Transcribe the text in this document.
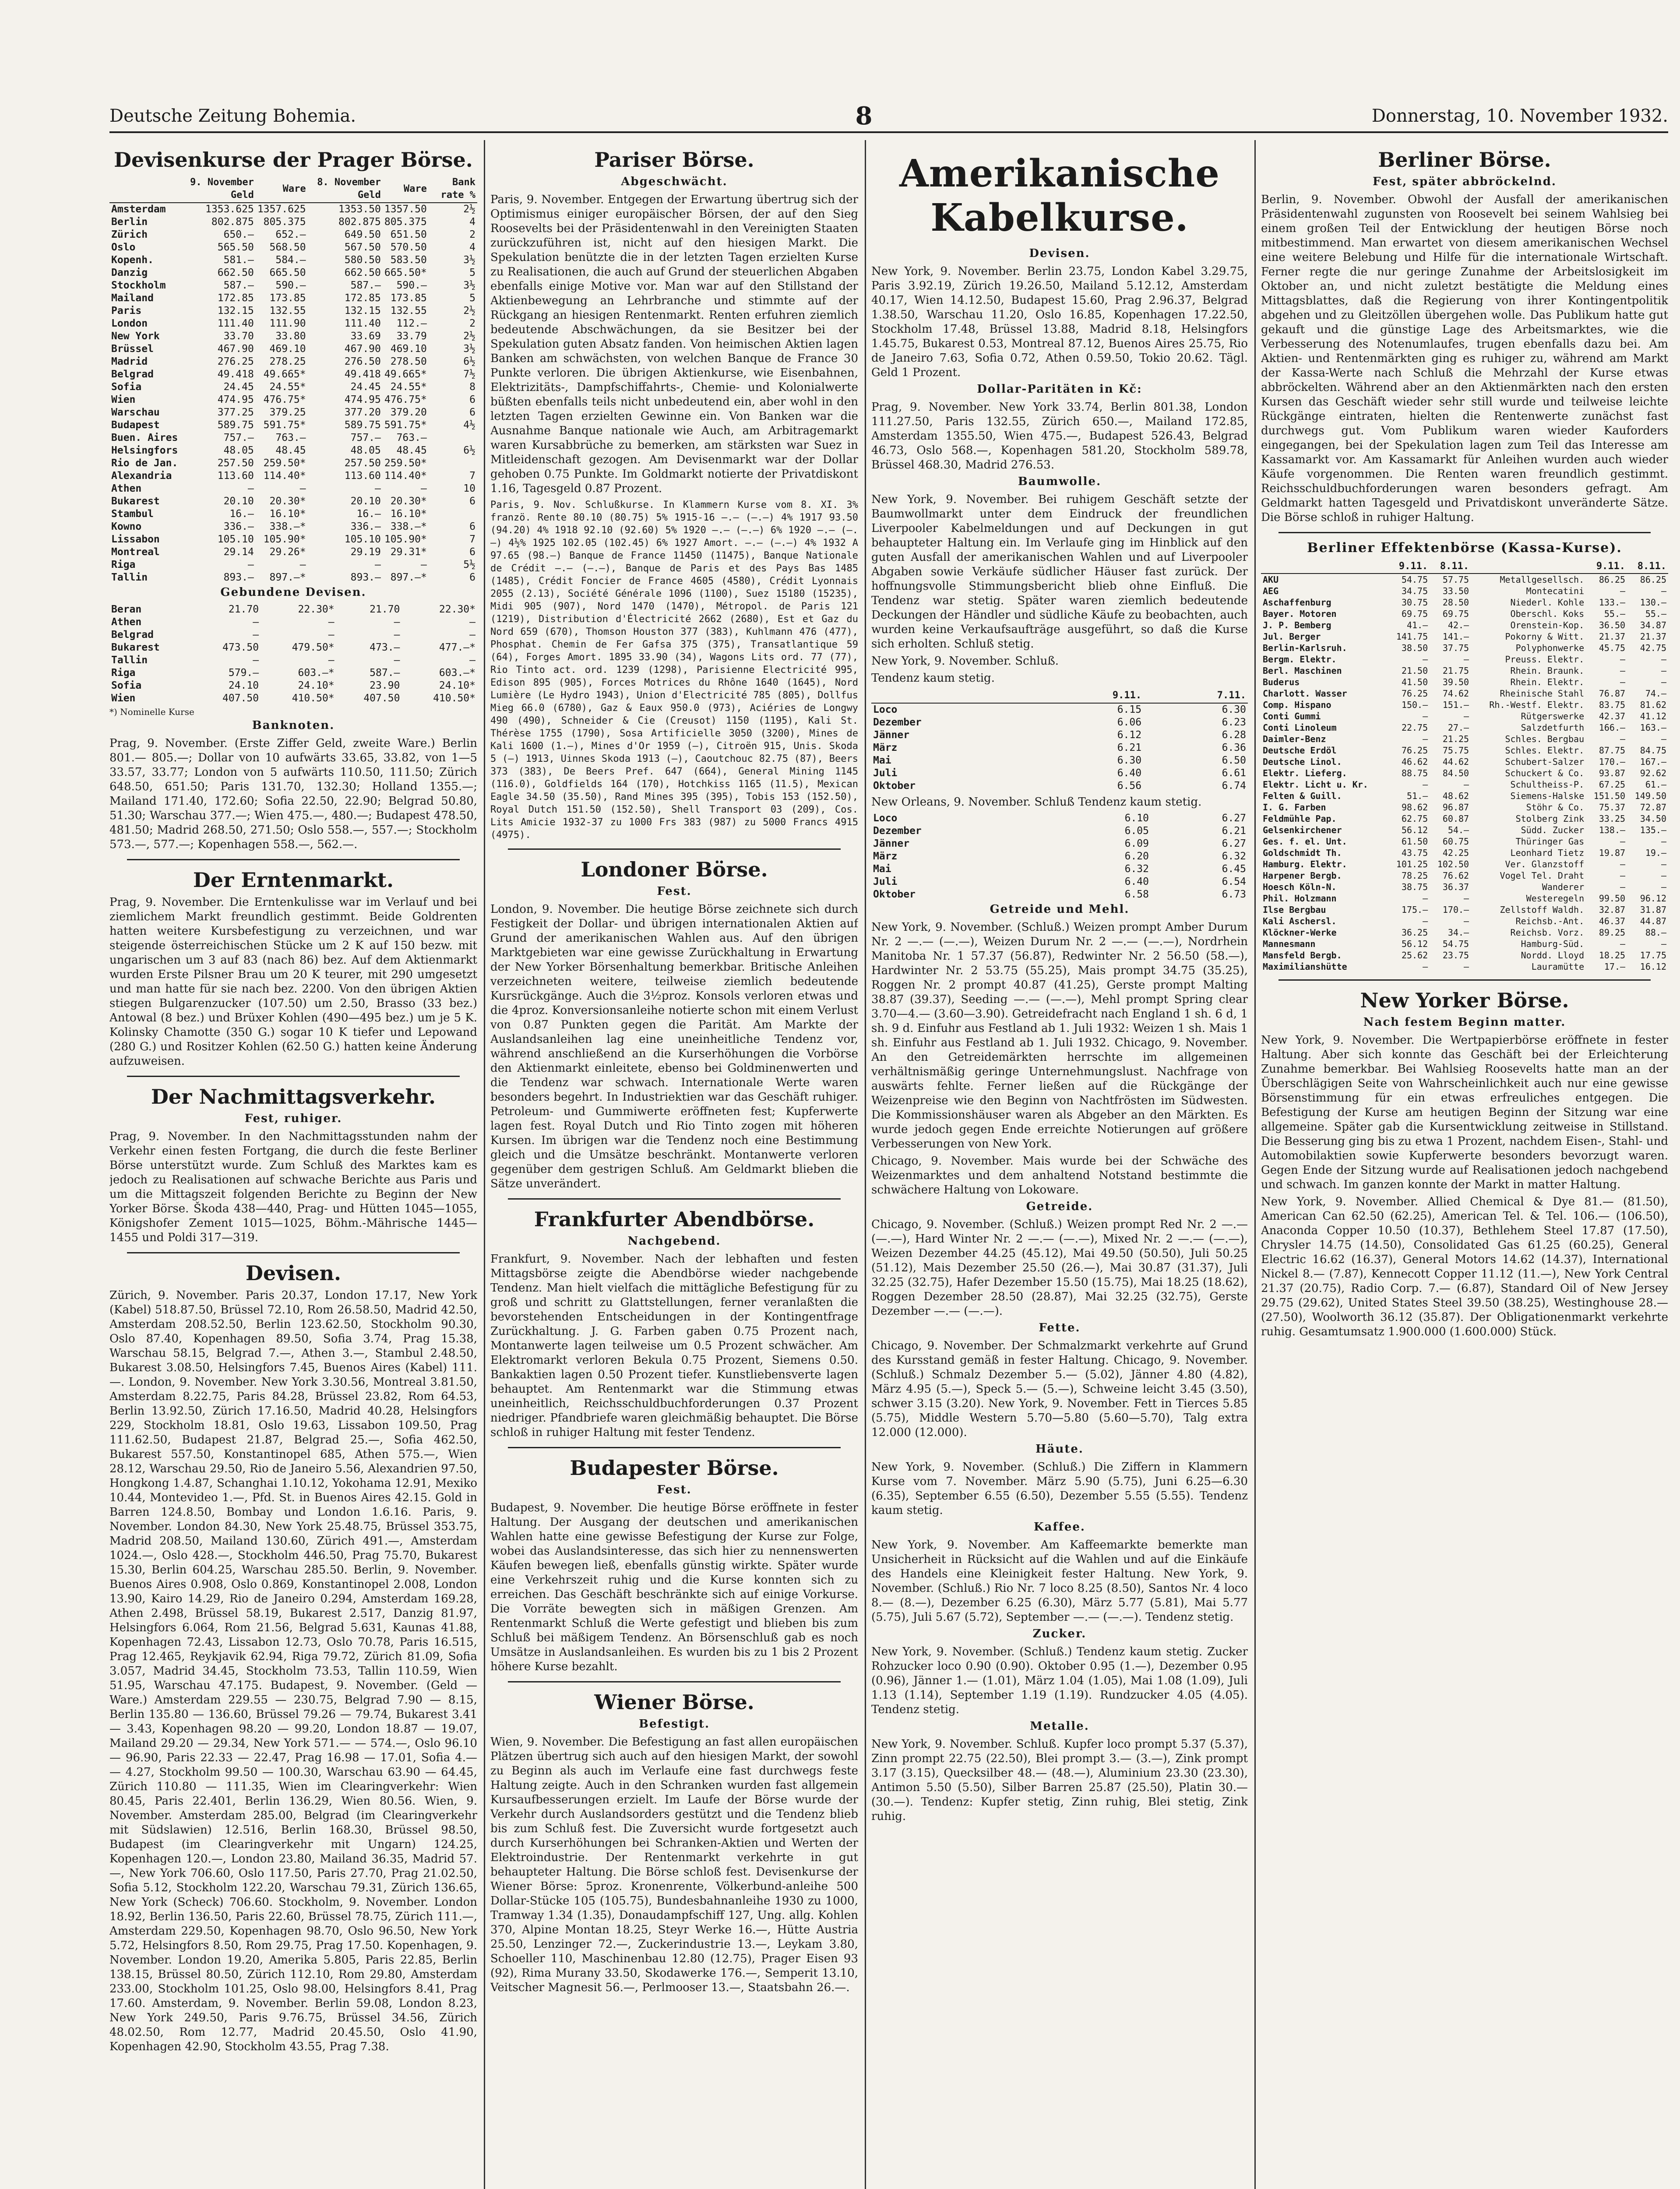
Deutsche Zeitung Bohemia.	8	Donnerstag, 10. November 1932.
Devisenkurse der Prager Börse.
	9. November Geld	Ware	8. November Geld	Ware	Bank rate %
Amsterdam	1353.625	1357.625	1353.50	1357.50	2½
Berlin	802.875	805.375	802.875	805.375	4
Zürich	650.—	652.—	649.50	651.50	2
Oslo	565.50	568.50	567.50	570.50	4
Kopenh.	581.—	584.—	580.50	583.50	3½
Danzig	662.50	665.50	662.50	665.50*	5
Stockholm	587.—	590.—	587.—	590.—	3½
Mailand	172.85	173.85	172.85	173.85	5
Paris	132.15	132.55	132.15	132.55	2½
London	111.40	111.90	111.40	112.—	2
New York	33.70	33.80	33.69	33.79	2½
Brüssel	467.90	469.10	467.90	469.10	3½
Madrid	276.25	278.25	276.50	278.50	6½
Belgrad	49.418	49.665*	49.418	49.665*	7½
Sofia	24.45	24.55*	24.45	24.55*	8
Wien	474.95	476.75*	474.95	476.75*	6
Warschau	377.25	379.25	377.20	379.20	6
Budapest	589.75	591.75*	589.75	591.75*	4½
Buen. Aires	757.—	763.—	757.—	763.—	
Helsingfors	48.05	48.45	48.05	48.45	6½
Rio de Jan.	257.50	259.50*	257.50	259.50*	
Alexandria	113.60	114.40*	113.60	114.40*	7
Athen	—	—	—	—	10
Bukarest	20.10	20.30*	20.10	20.30*	6
Stambul	16.—	16.10*	16.—	16.10*	
Kowno	336.—	338.—*	336.—	338.—*	6
Lissabon	105.10	105.90*	105.10	105.90*	7
Montreal	29.14	29.26*	29.19	29.31*	6
Riga	—	—	—	—	5½
Tallin	893.—	897.—*	893.—	897.—*	6
Gebundene Devisen.
Beran	21.70	22.30*	21.70	22.30*
Athen	—	—	—	—
Belgrad	—	—	—	—
Bukarest	473.50	479.50*	473.—	477.—*
Tallin	—	—	—	—
Riga	579.—	603.—*	587.—	603.—*
Sofia	24.10	24.10*	23.90	24.10*
Wien	407.50	410.50*	407.50	410.50*
*) Nominelle Kurse
Banknoten.

Prag, 9. November. (Erste Ziffer Geld, zweite Ware.) Berlin 801.— 805.—; Dollar von 10 aufwärts 33.65, 33.82, von 1—5 33.57, 33.77; London von 5 aufwärts 110.50, 111.50; Zürich 648.50, 651.50; Paris 131.70, 132.30; Holland 1355.—; Mailand 171.40, 172.60; Sofia 22.50, 22.90; Belgrad 50.80, 51.30; Warschau 377.—; Wien 475.—, 480.—; Budapest 478.50, 481.50; Madrid 268.50, 271.50; Oslo 558.—, 557.—; Stockholm 573.—, 577.—; Kopenhagen 558.—, 562.—.

Der Erntenmarkt.

Prag, 9. November. Die Erntenkulisse war im Verlauf und bei ziemlichem Markt freundlich gestimmt. Beide Goldrenten hatten weitere Kursbefestigung zu verzeichnen, und war steigende österreichischen Stücke um 2 K auf 150 bezw. mit ungarischen um 3 auf 83 (nach 86) bez. Auf dem Aktienmarkt wurden Erste Pilsner Brau um 20 K teurer, mit 290 umgesetzt und man hatte für sie nach bez. 2200. Von den übrigen Aktien stiegen Bulgarenzucker (107.50) um 2.50, Brasso (33 bez.) Antowal (8 bez.) und Brüxer Kohlen (490—495 bez.) um je 5 K. Kolinsky Chamotte (350 G.) sogar 10 K tiefer und Lepowand (280 G.) und Rositzer Kohlen (62.50 G.) hatten keine Änderung aufzuweisen.

Der Nachmittagsverkehr.
Fest, ruhiger.

Prag, 9. November. In den Nachmittagsstunden nahm der Verkehr einen festen Fortgang, die durch die feste Berliner Börse unterstützt wurde. Zum Schluß des Marktes kam es jedoch zu Realisationen auf schwache Berichte aus Paris und um die Mittagszeit folgenden Berichte zu Beginn der New Yorker Börse. Škoda 438—440, Prag- und Hütten 1045—1055, Königshofer Zement 1015—1025, Böhm.-Mährische 1445—1455 und Poldi 317—319.

Devisen.

Zürich, 9. November. Paris 20.37, London 17.17, New York (Kabel) 518.87.50, Brüssel 72.10, Rom 26.58.50, Madrid 42.50, Amsterdam 208.52.50, Berlin 123.62.50, Stockholm 90.30, Oslo 87.40, Kopenhagen 89.50, Sofia 3.74, Prag 15.38, Warschau 58.15, Belgrad 7.—, Athen 3.—, Stambul 2.48.50, Bukarest 3.08.50, Helsingfors 7.45, Buenos Aires (Kabel) 111.—. London, 9. November. New York 3.30.56, Montreal 3.81.50, Amsterdam 8.22.75, Paris 84.28, Brüssel 23.82, Rom 64.53, Berlin 13.92.50, Zürich 17.16.50, Madrid 40.28, Helsingfors 229, Stockholm 18.81, Oslo 19.63, Lissabon 109.50, Prag 111.62.50, Budapest 21.87, Belgrad 25.—, Sofia 462.50, Bukarest 557.50, Konstantinopel 685, Athen 575.—, Wien 28.12, Warschau 29.50, Rio de Janeiro 5.56, Alexandrien 97.50, Hongkong 1.4.87, Schanghai 1.10.12, Yokohama 12.91, Mexiko 10.44, Montevideo 1.—, Pfd. St. in Buenos Aires 42.15. Gold in Barren 124.8.50, Bombay und London 1.6.16. Paris, 9. November. London 84.30, New York 25.48.75, Brüssel 353.75, Madrid 208.50, Mailand 130.60, Zürich 491.—, Amsterdam 1024.—, Oslo 428.—, Stockholm 446.50, Prag 75.70, Bukarest 15.30, Berlin 604.25, Warschau 285.50. Berlin, 9. November. Buenos Aires 0.908, Oslo 0.869, Konstantinopel 2.008, London 13.90, Kairo 14.29, Rio de Janeiro 0.294, Amsterdam 169.28, Athen 2.498, Brüssel 58.19, Bukarest 2.517, Danzig 81.97, Helsingfors 6.064, Rom 21.56, Belgrad 5.631, Kaunas 41.88, Kopenhagen 72.43, Lissabon 12.73, Oslo 70.78, Paris 16.515, Prag 12.465, Reykjavik 62.94, Riga 79.72, Zürich 81.09, Sofia 3.057, Madrid 34.45, Stockholm 73.53, Tallin 110.59, Wien 51.95, Warschau 47.175. Budapest, 9. November. (Geld — Ware.) Amsterdam 229.55 — 230.75, Belgrad 7.90 — 8.15, Berlin 135.80 — 136.60, Brüssel 79.26 — 79.74, Bukarest 3.41 — 3.43, Kopenhagen 98.20 — 99.20, London 18.87 — 19.07, Mailand 29.20 — 29.34, New York 571.— — 574.—, Oslo 96.10 — 96.90, Paris 22.33 — 22.47, Prag 16.98 — 17.01, Sofia 4.— — 4.27, Stockholm 99.50 — 100.30, Warschau 63.90 — 64.45, Zürich 110.80 — 111.35, Wien im Clearingverkehr: Wien 80.45, Paris 22.401, Berlin 136.29, Wien 80.56. Wien, 9. November. Amsterdam 285.00, Belgrad (im Clearingverkehr mit Südslawien) 12.516, Berlin 168.30, Brüssel 98.50, Budapest (im Clearingverkehr mit Ungarn) 124.25, Kopenhagen 120.—, London 23.80, Mailand 36.35, Madrid 57.—, New York 706.60, Oslo 117.50, Paris 27.70, Prag 21.02.50, Sofia 5.12, Stockholm 122.20, Warschau 79.31, Zürich 136.65, New York (Scheck) 706.60. Stockholm, 9. November. London 18.92, Berlin 136.50, Paris 22.60, Brüssel 78.75, Zürich 111.—, Amsterdam 229.50, Kopenhagen 98.70, Oslo 96.50, New York 5.72, Helsingfors 8.50, Rom 29.75, Prag 17.50. Kopenhagen, 9. November. London 19.20, Amerika 5.805, Paris 22.85, Berlin 138.15, Brüssel 80.50, Zürich 112.10, Rom 29.80, Amsterdam 233.00, Stockholm 101.25, Oslo 98.00, Helsingfors 8.41, Prag 17.60. Amsterdam, 9. November. Berlin 59.08, London 8.23, New York 249.50, Paris 9.76.75, Brüssel 34.56, Zürich 48.02.50, Rom 12.77, Madrid 20.45.50, Oslo 41.90, Kopenhagen 42.90, Stockholm 43.55, Prag 7.38.

Pariser Börse.
Abgeschwächt.

Paris, 9. November. Entgegen der Erwartung übertrug sich der Optimismus einiger europäischer Börsen, der auf den Sieg Roosevelts bei der Präsidentenwahl in den Vereinigten Staaten zurückzuführen ist, nicht auf den hiesigen Markt. Die Spekulation benützte die in der letzten Tagen erzielten Kurse zu Realisationen, die auch auf Grund der steuerlichen Abgaben ebenfalls einige Motive vor. Man war auf den Stillstand der Aktienbewegung an Lehrbranche und stimmte auf der Rückgang an hiesigen Rentenmarkt. Renten erfuhren ziemlich bedeutende Abschwächungen, da sie Besitzer bei der Spekulation guten Absatz fanden. Von heimischen Aktien lagen Banken am schwächsten, von welchen Banque de France 30 Punkte verloren. Die übrigen Aktienkurse, wie Eisenbahnen, Elektrizitäts-, Dampfschiffahrts-, Chemie- und Kolonialwerte büßten ebenfalls teils nicht unbedeutend ein, aber wohl in den letzten Tagen erzielten Gewinne ein. Von Banken war die Ausnahme Banque nationale wie Auch, am Arbitragemarkt waren Kursabbrüche zu bemerken, am stärksten war Suez in Mitleidenschaft gezogen. Am Devisenmarkt war der Dollar gehoben 0.75 Punkte. Im Goldmarkt notierte der Privatdiskont 1.16, Tagesgeld 0.87 Prozent.

Paris, 9. Nov. Schlußkurse. In Klammern Kurse vom 8. XI. 3% franzö. Rente 80.10 (80.75) 5% 1915-16 —.— (—.—) 4% 1917 93.50 (94.20) 4% 1918 92.10 (92.60) 5% 1920 —.— (—.—) 6% 1920 —.— (—.—) 4½% 1925 102.05 (102.45) 6% 1927 Amort. —.— (—.—) 4% 1932 A 97.65 (98.—) Banque de France 11450 (11475), Banque Nationale de Crédit —.— (—.—), Banque de Paris et des Pays Bas 1485 (1485), Crédit Foncier de France 4605 (4580), Crédit Lyonnais 2055 (2.13), Société Générale 1096 (1100), Suez 15180 (15235), Midi 905 (907), Nord 1470 (1470), Métropol. de Paris 121 (1219), Distribution d'Électricité 2662 (2680), Est et Gaz du Nord 659 (670), Thomson Houston 377 (383), Kuhlmann 476 (477), Phosphat. Chemin de Fer Gafsa 375 (375), Transatlantique 59 (64), Forges Amort. 1895 33.90 (34), Wagons Lits ord. 77 (77), Rio Tinto act. ord. 1239 (1298), Parisienne Electricité 995, Edison 895 (905), Forces Motrices du Rhône 1640 (1645), Nord Lumière (Le Hydro 1943), Union d'Electricité 785 (805), Dollfus Mieg 66.0 (6780), Gaz & Eaux 950.0 (973), Aciéries de Longwy 490 (490), Schneider & Cie (Creusot) 1150 (1195), Kali St. Thérèse 1755 (1790), Sosa Artificielle 3050 (3200), Mines de Kali 1600 (1.—), Mines d'Or 1959 (—), Citroën 915, Unis. Skoda 5 (—) 1913, Uinnes Skoda 1913 (—), Caoutchouc 82.75 (87), Beers 373 (383), De Beers Pref. 647 (664), General Mining 1145 (116.0), Goldfields 164 (170), Hotchkiss 1165 (11.5), Mexican Eagle 34.50 (35.50), Rand Mines 395 (395), Tobis 153 (152.50), Royal Dutch 151.50 (152.50), Shell Transport 03 (209), Cos. Lits Amicie 1932-37 zu 1000 Frs 383 (987) zu 5000 Francs 4915 (4975).

Londoner Börse.
Fest.

London, 9. November. Die heutige Börse zeichnete sich durch Festigkeit der Dollar- und übrigen internationalen Aktien auf Grund der amerikanischen Wahlen aus. Auf den übrigen Marktgebieten war eine gewisse Zurückhaltung in Erwartung der New Yorker Börsenhaltung bemerkbar. Britische Anleihen verzeichneten weitere, teilweise ziemlich bedeutende Kursrückgänge. Auch die 3½proz. Konsols verloren etwas und die 4proz. Konversionsanleihe notierte schon mit einem Verlust von 0.87 Punkten gegen die Parität. Am Markte der Auslandsanleihen lag eine uneinheitliche Tendenz vor, während anschließend an die Kurserhöhungen die Vorbörse den Aktienmarkt einleitete, ebenso bei Goldminenwerten und die Tendenz war schwach. Internationale Werte waren besonders begehrt. In Industriektien war das Geschäft ruhiger. Petroleum- und Gummiwerte eröffneten fest; Kupferwerte lagen fest. Royal Dutch und Rio Tinto zogen mit höheren Kursen. Im übrigen war die Tendenz noch eine Bestimmung gleich und die Umsätze beschränkt. Montanwerte verloren gegenüber dem gestrigen Schluß. Am Geldmarkt blieben die Sätze unverändert.

Frankfurter Abendbörse.
Nachgebend.

Frankfurt, 9. November. Nach der lebhaften und festen Mittagsbörse zeigte die Abendbörse wieder nachgebende Tendenz. Man hielt vielfach die mittägliche Befestigung für zu groß und schritt zu Glattstellungen, ferner veranlaßten die bevorstehenden Entscheidungen in der Kontingentfrage Zurückhaltung. J. G. Farben gaben 0.75 Prozent nach, Montanwerte lagen teilweise um 0.5 Prozent schwächer. Am Elektromarkt verloren Bekula 0.75 Prozent, Siemens 0.50. Bankaktien lagen 0.50 Prozent tiefer. Kunstliebensverte lagen behauptet. Am Rentenmarkt war die Stimmung etwas uneinheitlich, Reichsschuldbuchforderungen 0.37 Prozent niedriger. Pfandbriefe waren gleichmäßig behauptet. Die Börse schloß in ruhiger Haltung mit fester Tendenz.

Budapester Börse.
Fest.

Budapest, 9. November. Die heutige Börse eröffnete in fester Haltung. Der Ausgang der deutschen und amerikanischen Wahlen hatte eine gewisse Befestigung der Kurse zur Folge, wobei das Auslandsinteresse, das sich hier zu nennenswerten Käufen bewegen ließ, ebenfalls günstig wirkte. Später wurde eine Verkehrszeit ruhig und die Kurse konnten sich zu erreichen. Das Geschäft beschränkte sich auf einige Vorkurse. Die Vorräte bewegten sich in mäßigen Grenzen. Am Rentenmarkt Schluß die Werte gefestigt und blieben bis zum Schluß bei mäßigem Tendenz. An Börsenschluß gab es noch Umsätze in Auslandsanleihen. Es wurden bis zu 1 bis 2 Prozent höhere Kurse bezahlt.

Wiener Börse.
Befestigt.

Wien, 9. November. Die Befestigung an fast allen europäischen Plätzen übertrug sich auch auf den hiesigen Markt, der sowohl zu Beginn als auch im Verlaufe eine fast durchwegs feste Haltung zeigte. Auch in den Schranken wurden fast allgemein Kursaufbesserungen erzielt. Im Laufe der Börse wurde der Verkehr durch Auslandsorders gestützt und die Tendenz blieb bis zum Schluß fest. Die Zuversicht wurde fortgesetzt auch durch Kurserhöhungen bei Schranken-Aktien und Werten der Elektroindustrie. Der Rentenmarkt verkehrte in gut behaupteter Haltung. Die Börse schloß fest. Devisenkurse der Wiener Börse: 5proz. Kronenrente, Völkerbund-anleihe 500 Dollar-Stücke 105 (105.75), Bundesbahnanleihe 1930 zu 1000, Tramway 1.34 (1.35), Donaudampfschiff 127, Ung. allg. Kohlen 370, Alpine Montan 18.25, Steyr Werke 16.—, Hütte Austria 25.50, Lenzinger 72.—, Zuckerindustrie 13.—, Leykam 3.80, Schoeller 110, Maschinenbau 12.80 (12.75), Prager Eisen 93 (92), Rima Murany 33.50, Skodawerke 176.—, Semperit 13.10, Veitscher Magnesit 56.—, Perlmooser 13.—, Staatsbahn 26.—.

Amerikanische Kabelkurse.
Devisen.

New York, 9. November. Berlin 23.75, London Kabel 3.29.75, Paris 3.92.19, Zürich 19.26.50, Mailand 5.12.12, Amsterdam 40.17, Wien 14.12.50, Budapest 15.60, Prag 2.96.37, Belgrad 1.38.50, Warschau 11.20, Oslo 16.85, Kopenhagen 17.22.50, Stockholm 17.48, Brüssel 13.88, Madrid 8.18, Helsingfors 1.45.75, Bukarest 0.53, Montreal 87.12, Buenos Aires 25.75, Rio de Janeiro 7.63, Sofia 0.72, Athen 0.59.50, Tokio 20.62. Tägl. Geld 1 Prozent.

Dollar-Paritäten in Kč:

Prag, 9. November. New York 33.74, Berlin 801.38, London 111.27.50, Paris 132.55, Zürich 650.—, Mailand 172.85, Amsterdam 1355.50, Wien 475.—, Budapest 526.43, Belgrad 46.73, Oslo 568.—, Kopenhagen 581.20, Stockholm 589.78, Brüssel 468.30, Madrid 276.53.

Baumwolle.

New York, 9. November. Bei ruhigem Geschäft setzte der Baumwollmarkt unter dem Eindruck der freundlichen Liverpooler Kabelmeldungen und auf Deckungen in gut behaupteter Haltung ein. Im Verlaufe ging im Hinblick auf den guten Ausfall der amerikanischen Wahlen und auf Liverpooler Abgaben sowie Verkäufe südlicher Häuser fast zurück. Der hoffnungsvolle Stimmungsbericht blieb ohne Einfluß. Die Tendenz war stetig. Später waren ziemlich bedeutende Deckungen der Händler und südliche Käufe zu beobachten, auch wurden keine Verkaufsaufträge ausgeführt, so daß die Kurse sich erholten. Schluß stetig.

New York, 9. November. Schluß.

Tendenz kaum stetig.

	9.11.	7.11.
Loco	6.15	6.30
Dezember	6.06	6.23
Jänner	6.12	6.28
März	6.21	6.36
Mai	6.30	6.50
Juli	6.40	6.61
Oktober	6.56	6.74

New Orleans, 9. November. Schluß Tendenz kaum stetig.

Loco	6.10	6.27
Dezember	6.05	6.21
Jänner	6.09	6.27
März	6.20	6.32
Mai	6.32	6.45
Juli	6.40	6.54
Oktober	6.58	6.73
Getreide und Mehl.

New York, 9. November. (Schluß.) Weizen prompt Amber Durum Nr. 2 —.— (—.—), Weizen Durum Nr. 2 —.— (—.—), Nordrhein Manitoba Nr. 1 57.37 (56.87), Redwinter Nr. 2 56.50 (58.—), Hardwinter Nr. 2 53.75 (55.25), Mais prompt 34.75 (35.25), Roggen Nr. 2 prompt 40.87 (41.25), Gerste prompt Malting 38.87 (39.37), Seeding —.— (—.—), Mehl prompt Spring clear 3.70—4.— (3.60—3.90). Getreidefracht nach England 1 sh. 6 d, 1 sh. 9 d. Einfuhr aus Festland ab 1. Juli 1932: Weizen 1 sh. Mais 1 sh. Einfuhr aus Festland ab 1. Juli 1932. Chicago, 9. November. An den Getreidemärkten herrschte im allgemeinen verhältnismäßig geringe Unternehmungslust. Nachfrage von auswärts fehlte. Ferner ließen auf die Rückgänge der Weizenpreise wie den Beginn von Nachtfrösten im Südwesten. Die Kommissionshäuser waren als Abgeber an den Märkten. Es wurde jedoch gegen Ende erreichte Notierungen auf größere Verbesserungen von New York.

Chicago, 9. November. Mais wurde bei der Schwäche des Weizenmarktes und dem anhaltend Notstand bestimmte die schwächere Haltung von Lokoware.

Getreide.

Chicago, 9. November. (Schluß.) Weizen prompt Red Nr. 2 —.— (—.—), Hard Winter Nr. 2 —.— (—.—), Mixed Nr. 2 —.— (—.—), Weizen Dezember 44.25 (45.12), Mai 49.50 (50.50), Juli 50.25 (51.12), Mais Dezember 25.50 (26.—), Mai 30.87 (31.37), Juli 32.25 (32.75), Hafer Dezember 15.50 (15.75), Mai 18.25 (18.62), Roggen Dezember 28.50 (28.87), Mai 32.25 (32.75), Gerste Dezember —.— (—.—).

Fette.

Chicago, 9. November. Der Schmalzmarkt verkehrte auf Grund des Kursstand gemäß in fester Haltung. Chicago, 9. November. (Schluß.) Schmalz Dezember 5.— (5.02), Jänner 4.80 (4.82), März 4.95 (5.—), Speck 5.— (5.—), Schweine leicht 3.45 (3.50), schwer 3.15 (3.20). New York, 9. November. Fett in Tierces 5.85 (5.75), Middle Western 5.70—5.80 (5.60—5.70), Talg extra 12.000 (12.000).

Häute.

New York, 9. November. (Schluß.) Die Ziffern in Klammern Kurse vom 7. November. März 5.90 (5.75), Juni 6.25—6.30 (6.35), September 6.55 (6.50), Dezember 5.55 (5.55). Tendenz kaum stetig.

Kaffee.

New York, 9. November. Am Kaffeemarkte bemerkte man Unsicherheit in Rücksicht auf die Wahlen und auf die Einkäufe des Handels eine Kleinigkeit fester Haltung. New York, 9. November. (Schluß.) Rio Nr. 7 loco 8.25 (8.50), Santos Nr. 4 loco 8.— (8.—), Dezember 6.25 (6.30), März 5.77 (5.81), Mai 5.77 (5.75), Juli 5.67 (5.72), September —.— (—.—). Tendenz stetig.

Zucker.

New York, 9. November. (Schluß.) Tendenz kaum stetig. Zucker Rohzucker loco 0.90 (0.90). Oktober 0.95 (1.—), Dezember 0.95 (0.96), Jänner 1.— (1.01), März 1.04 (1.05), Mai 1.08 (1.09), Juli 1.13 (1.14), September 1.19 (1.19). Rundzucker 4.05 (4.05). Tendenz stetig.

Metalle.

New York, 9. November. Schluß. Kupfer loco prompt 5.37 (5.37), Zinn prompt 22.75 (22.50), Blei prompt 3.— (3.—), Zink prompt 3.17 (3.15), Quecksilber 48.— (48.—), Aluminium 23.30 (23.30), Antimon 5.50 (5.50), Silber Barren 25.87 (25.50), Platin 30.— (30.—). Tendenz: Kupfer stetig, Zinn ruhig, Blei stetig, Zink ruhig.

Berliner Börse.
Fest, später abbröckelnd.

Berlin, 9. November. Obwohl der Ausfall der amerikanischen Präsidentenwahl zugunsten von Roosevelt bei seinem Wahlsieg bei einem großen Teil der Entwicklung der heutigen Börse noch mitbestimmend. Man erwartet von diesem amerikanischen Wechsel eine weitere Belebung und Hilfe für die internationale Wirtschaft. Ferner regte die nur geringe Zunahme der Arbeitslosigkeit im Oktober an, und nicht zuletzt bestätigte die Meldung eines Mittagsblattes, daß die Regierung von ihrer Kontingentpolitik abgehen und zu Gleitzöllen übergehen wolle. Das Publikum hatte gut gekauft und die günstige Lage des Arbeitsmarktes, wie die Verbesserung des Notenumlaufes, trugen ebenfalls dazu bei. Am Aktien- und Rentenmärkten ging es ruhiger zu, während am Markt der Kassa-Werte nach Schluß die Mehrzahl der Kurse etwas abbröckelten. Während aber an den Aktienmärkten nach den ersten Kursen das Geschäft wieder sehr still wurde und teilweise leichte Rückgänge eintraten, hielten die Rentenwerte zunächst fast durchwegs gut. Vom Publikum waren wieder Kauforders eingegangen, bei der Spekulation lagen zum Teil das Interesse am Kassamarkt vor. Am Kassamarkt für Anleihen wurden auch wieder Käufe vorgenommen. Die Renten waren freundlich gestimmt. Reichsschuldbuchforderungen waren besonders gefragt. Am Geldmarkt hatten Tagesgeld und Privatdiskont unveränderte Sätze. Die Börse schloß in ruhiger Haltung.

Berliner Effektenbörse (Kassa-Kurse).
	9.11.	8.11.		9.11.	8.11.
AKU	54.75	57.75	Metallgesellsch.	86.25	86.25
AEG	34.75	33.50	Montecatini	—	—
Aschaffenburg	30.75	28.50	Niederl. Kohle	133.—	130.—
Bayer. Motoren	69.75	69.75	Oberschl. Koks	55.—	55.—
J. P. Bemberg	41.—	42.—	Orenstein-Kop.	36.50	34.87
Jul. Berger	141.75	141.—	Pokorny & Witt.	21.37	21.37
Berlin-Karlsruh.	38.50	37.75	Polyphonwerke	45.75	42.75
Bergm. Elektr.	—	—	Preuss. Elektr.	—	—
Berl. Maschinen	21.50	21.75	Rhein. Braunk.	—	—
Buderus	41.50	39.50	Rhein. Elektr.	—	—
Charlott. Wasser	76.25	74.62	Rheinische Stahl	76.87	74.—
Comp. Hispano	150.—	151.—	Rh.-Westf. Elektr.	83.75	81.62
Conti Gummi	—	—	Rütgerswerke	42.37	41.12
Conti Linoleum	22.75	27.—	Salzdetfurth	166.—	163.—
Daimler-Benz	—	21.25	Schles. Bergbau	—	—
Deutsche Erdöl	76.25	75.75	Schles. Elektr.	87.75	84.75
Deutsche Linol.	46.62	44.62	Schubert-Salzer	170.—	167.—
Elektr. Lieferg.	88.75	84.50	Schuckert & Co.	93.87	92.62
Elektr. Licht u. Kr.	—	—	Schultheiss-P.	67.25	61.—
Felten & Guill.	51.—	48.62	Siemens-Halske	151.50	149.50
I. G. Farben	98.62	96.87	Stöhr & Co.	75.37	72.87
Feldmühle Pap.	62.75	60.87	Stolberg Zink	33.25	34.50
Gelsenkirchener	56.12	54.—	Südd. Zucker	138.—	135.—
Ges. f. el. Unt.	61.50	60.75	Thüringer Gas	—	—
Goldschmidt Th.	43.75	42.25	Leonhard Tietz	19.87	19.—
Hamburg. Elektr.	101.25	102.50	Ver. Glanzstoff	—	—
Harpener Bergb.	78.25	76.62	Vogel Tel. Draht	—	—
Hoesch Köln-N.	38.75	36.37	Wanderer	—	—
Phil. Holzmann	—	—	Westeregeln	99.50	96.12
Ilse Bergbau	175.—	170.—	Zellstoff Waldh.	32.87	31.87
Kali Aschersl.	—	—	Reichsb.-Ant.	46.37	44.87
Klöckner-Werke	36.25	34.—	Reichsb. Vorz.	89.25	88.—
Mannesmann	56.12	54.75	Hamburg-Süd.	—	—
Mansfeld Bergb.	25.62	23.75	Nordd. Lloyd	18.25	17.75
Maximilianshütte	—	—	Lauramütte	17.—	16.12
New Yorker Börse.
Nach festem Beginn matter.

New York, 9. November. Die Wertpapierbörse eröffnete in fester Haltung. Aber sich konnte das Geschäft bei der Erleichterung Zunahme bemerkbar. Bei Wahlsieg Roosevelts hatte man an der Überschlägigen Seite von Wahrscheinlichkeit auch nur eine gewisse Börsenstimmung für ein etwas erfreuliches entgegen. Die Befestigung der Kurse am heutigen Beginn der Sitzung war eine allgemeine. Später gab die Kursentwicklung zeitweise in Stillstand. Die Besserung ging bis zu etwa 1 Prozent, nachdem Eisen-, Stahl- und Automobilaktien sowie Kupferwerte besonders bevorzugt waren. Gegen Ende der Sitzung wurde auf Realisationen jedoch nachgebend und schwach. Im ganzen konnte der Markt in matter Haltung.

New York, 9. November. Allied Chemical & Dye 81.— (81.50), American Can 62.50 (62.25), American Tel. & Tel. 106.— (106.50), Anaconda Copper 10.50 (10.37), Bethlehem Steel 17.87 (17.50), Chrysler 14.75 (14.50), Consolidated Gas 61.25 (60.25), General Electric 16.62 (16.37), General Motors 14.62 (14.37), International Nickel 8.— (7.87), Kennecott Copper 11.12 (11.—), New York Central 21.37 (20.75), Radio Corp. 7.— (6.87), Standard Oil of New Jersey 29.75 (29.62), United States Steel 39.50 (38.25), Westinghouse 28.— (27.50), Woolworth 36.12 (35.87). Der Obligationenmarkt verkehrte ruhig. Gesamtumsatz 1.900.000 (1.600.000) Stück.
